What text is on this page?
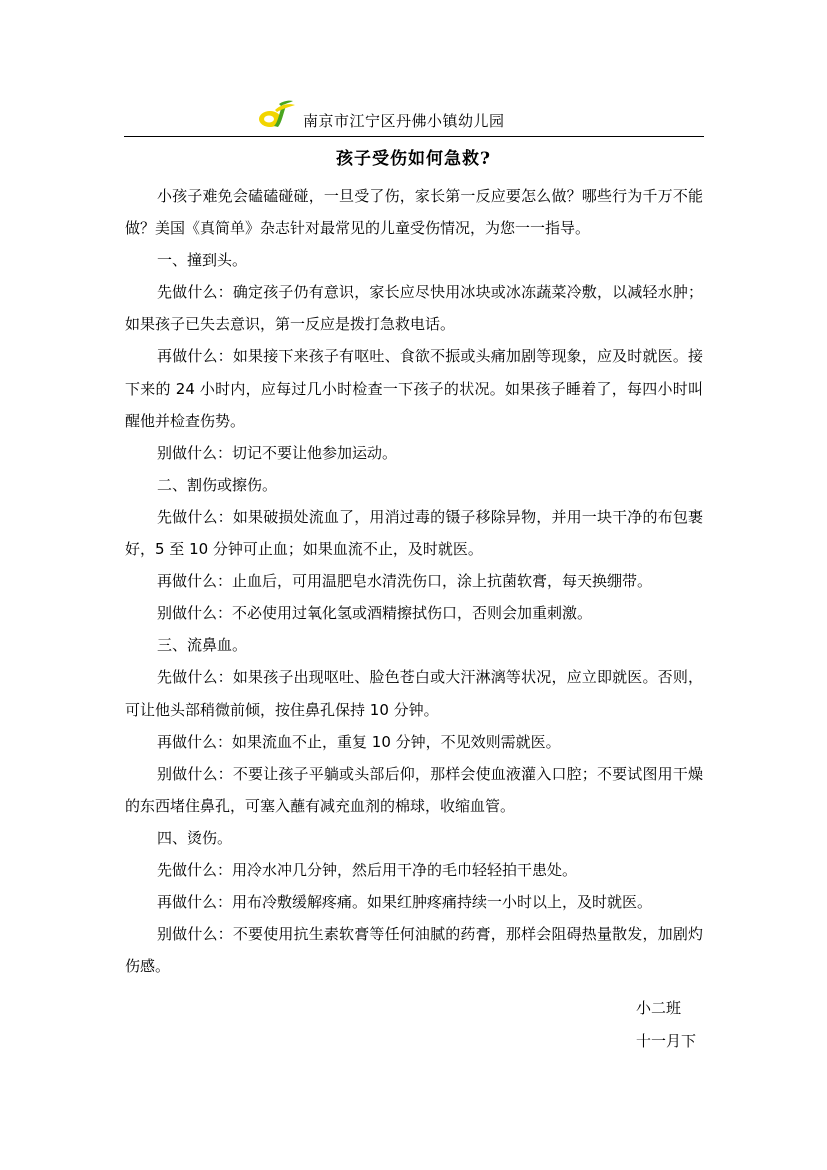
南京市江宁区丹佛小镇幼儿园
孩子受伤如何急救?

小孩子难免会磕磕碰碰，一旦受了伤，家长第一反应要怎么做？哪些行为千万不能做？美国《真简单》杂志针对最常见的儿童受伤情况，为您一一指导。

一、撞到头。

先做什么：确定孩子仍有意识，家长应尽快用冰块或冰冻蔬菜冷敷，以减轻水肿；如果孩子已失去意识，第一反应是拨打急救电话。

再做什么：如果接下来孩子有呕吐、食欲不振或头痛加剧等现象，应及时就医。接下来的 24 小时内，应每过几小时检查一下孩子的状况。如果孩子睡着了，每四小时叫醒他并检查伤势。

别做什么：切记不要让他参加运动。

二、割伤或擦伤。

先做什么：如果破损处流血了，用消过毒的镊子移除异物，并用一块干净的布包裹好，5 至 10 分钟可止血；如果血流不止，及时就医。

再做什么：止血后，可用温肥皂水清洗伤口，涂上抗菌软膏，每天换绷带。

别做什么：不必使用过氧化氢或酒精擦拭伤口，否则会加重刺激。

三、流鼻血。

先做什么：如果孩子出现呕吐、脸色苍白或大汗淋漓等状况，应立即就医。否则，可让他头部稍微前倾，按住鼻孔保持 10 分钟。

再做什么：如果流血不止，重复 10 分钟，不见效则需就医。

别做什么：不要让孩子平躺或头部后仰，那样会使血液灌入口腔；不要试图用干燥的东西堵住鼻孔，可塞入蘸有减充血剂的棉球，收缩血管。

四、烫伤。

先做什么：用冷水冲几分钟，然后用干净的毛巾轻轻拍干患处。

再做什么：用布冷敷缓解疼痛。如果红肿疼痛持续一小时以上，及时就医。

别做什么：不要使用抗生素软膏等任何油腻的药膏，那样会阻碍热量散发，加剧灼伤感。

小二班
十一月下
